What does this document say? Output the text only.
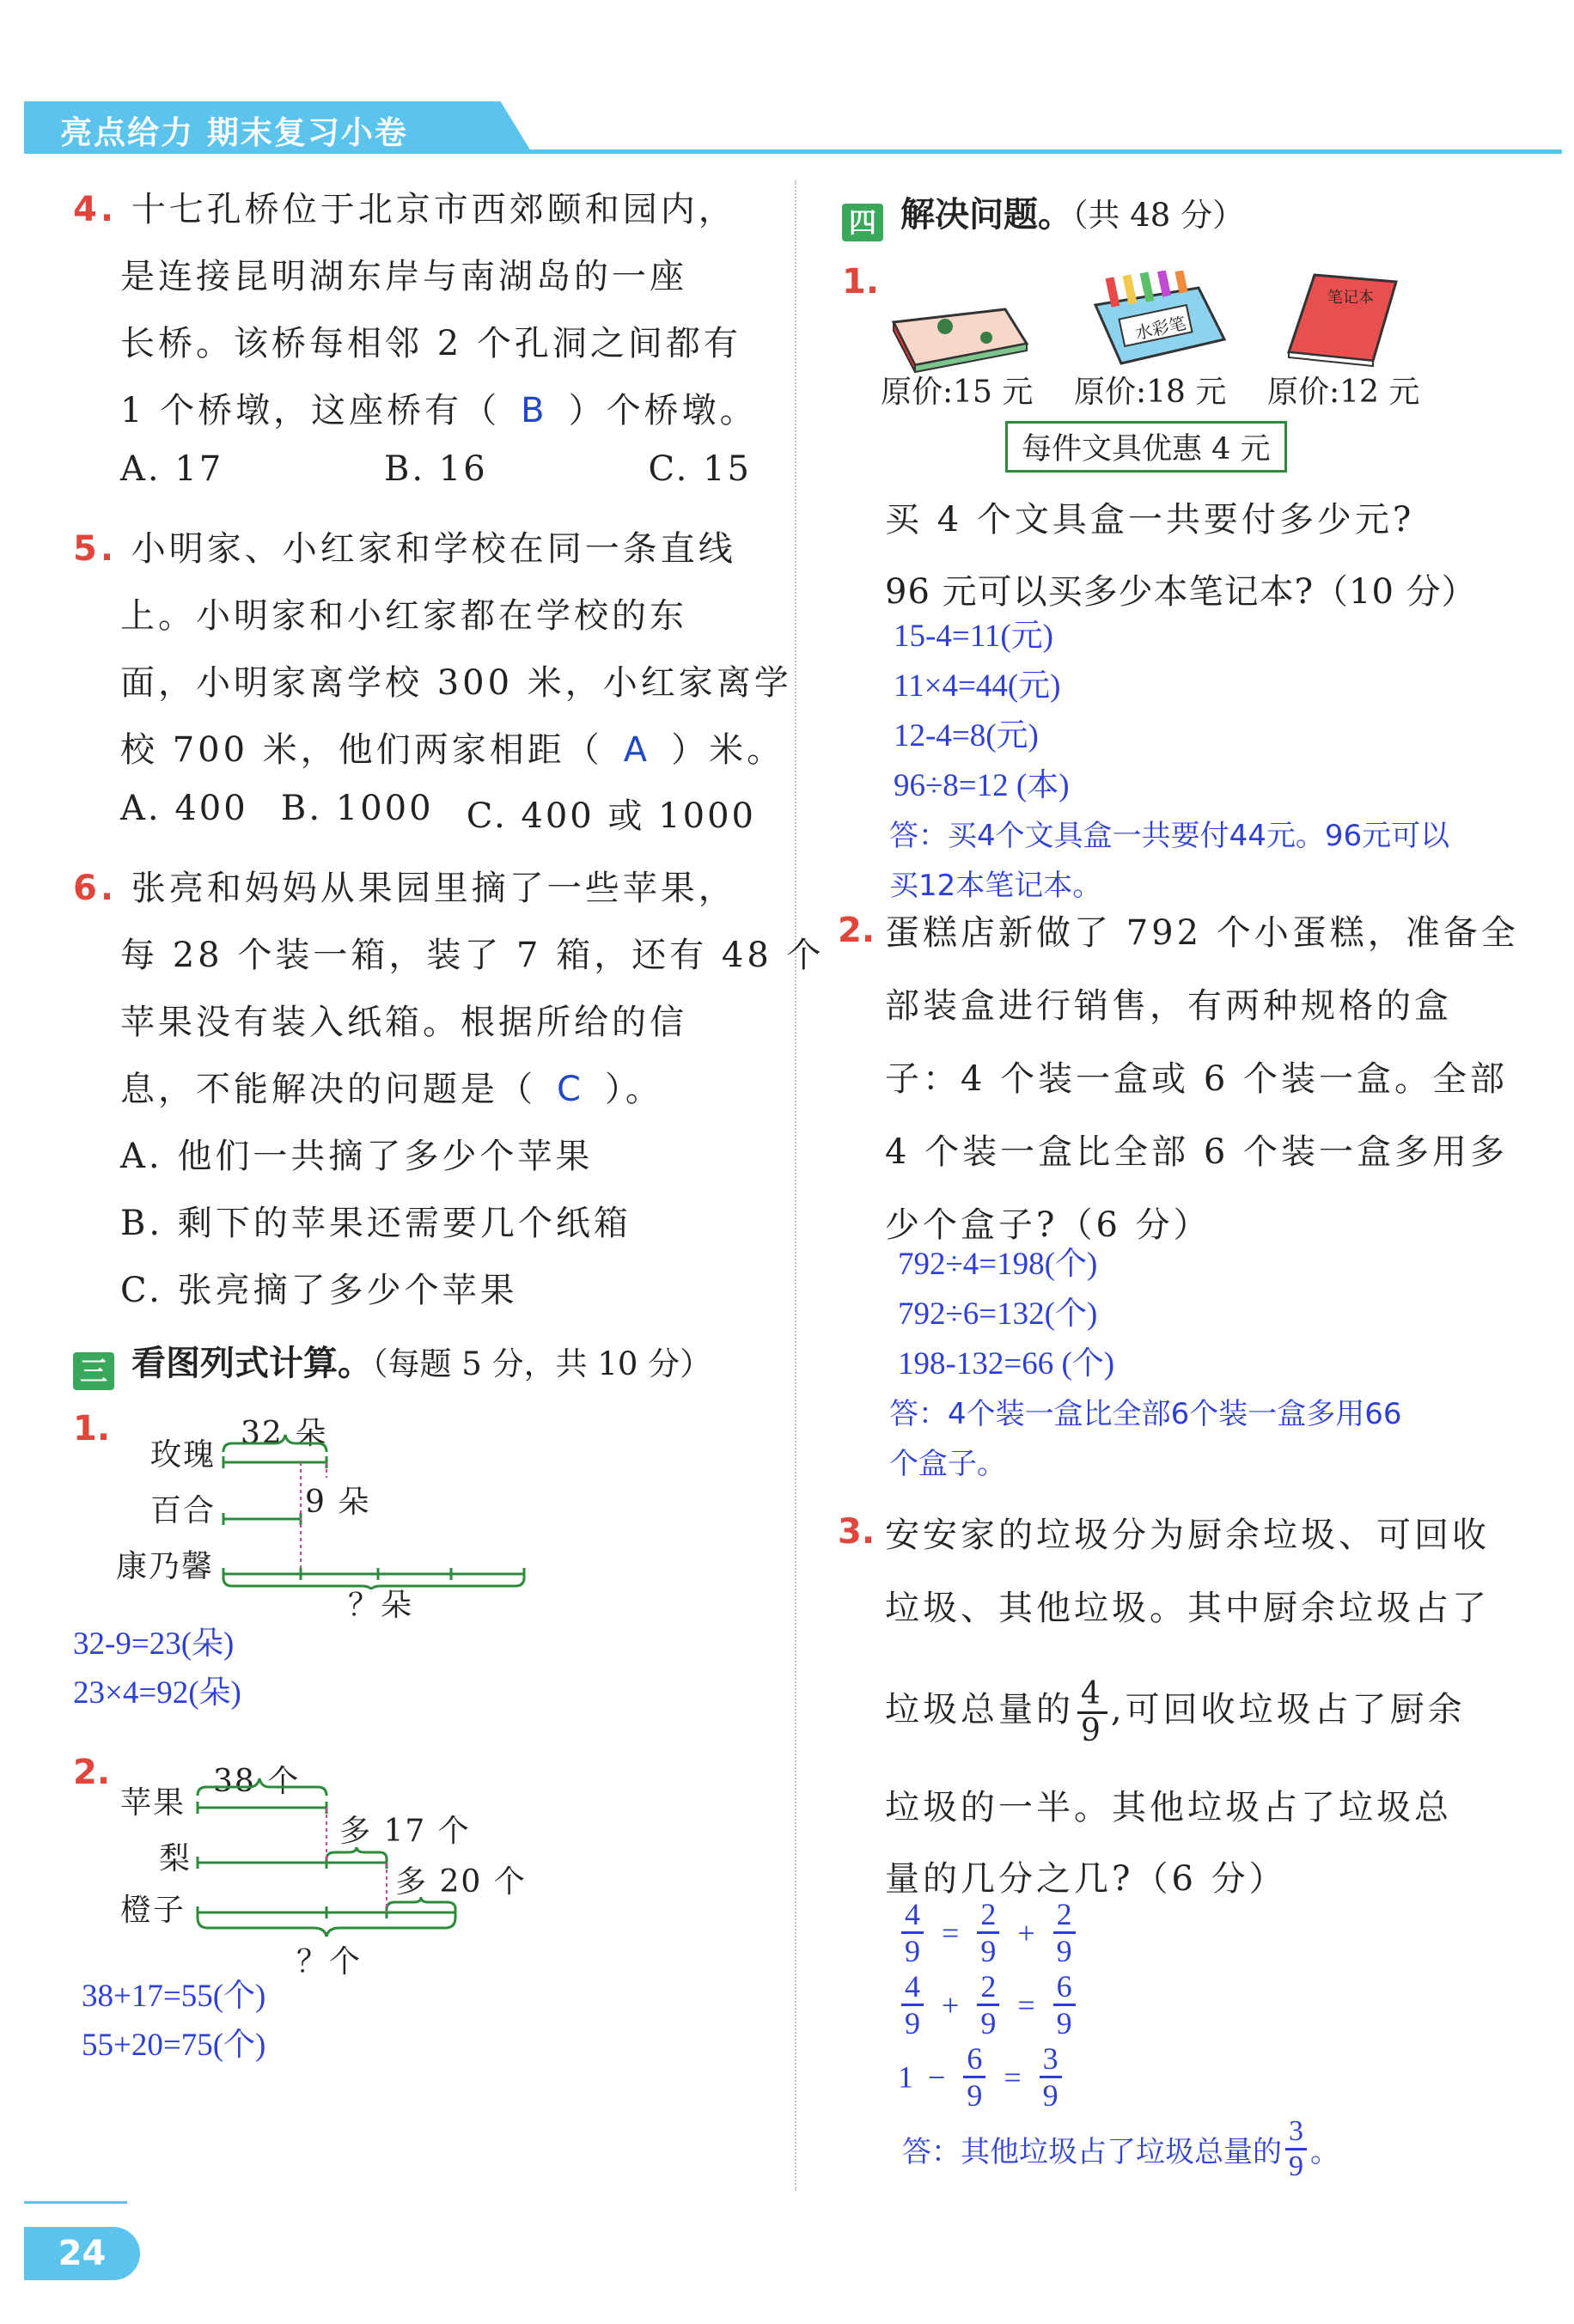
亮点给力 期末复习小卷
4. 十七孔桥位于北京市西郊颐和园内，
是连接昆明湖东岸与南湖岛的一座
长桥。该桥每相邻 2 个孔洞之间都有
1 个桥墩，这座桥有（ B ）个桥墩。
A. 17	B. 16	C. 15
5. 小明家、小红家和学校在同一条直线
上。小明家和小红家都在学校的东
面，小明家离学校 300 米，小红家离学
校 700 米，他们两家相距（ A ）米。
A. 400 B. 1000 C. 400 或 1000
6. 张亮和妈妈从果园里摘了一些苹果，
每 28 个装一箱，装了 7 箱，还有 48 个
苹果没有装入纸箱。根据所给的信
息，不能解决的问题是（ C ）。
A. 他们一共摘了多少个苹果
B. 剩下的苹果还需要几个纸箱
C. 张亮摘了多少个苹果
三 看图列式计算。（每题 5 分，共 10 分）
1.
玫瑰
百合
康乃馨
32 朵
9 朵
？朵
32-9=23(朵)
23×4=92(朵)
2.
苹果
梨
橙子
38 个
多 17 个
多 20 个
？个
38+17=55(个)
55+20=75(个)
四 解决问题。（共 48 分）
1.
水彩笔
笔记本
原价:15 元 原价:18 元 原价:12 元
每件文具优惠 4 元
买 4 个文具盒一共要付多少元?
96 元可以买多少本笔记本?（10 分）
15-4=11(元)
11×4=44(元)
12-4=8(元)
96÷8=12 (本)
答：买4个文具盒一共要付44元。96元可以
买12本笔记本。
2. 蛋糕店新做了 792 个小蛋糕，准备全
部装盒进行销售，有两种规格的盒
子：4 个装一盒或 6 个装一盒。全部
4 个装一盒比全部 6 个装一盒多用多
少个盒子?（6 分）
792÷4=198(个)
792÷6=132(个)
198-132=66 (个)
答：4个装一盒比全部6个装一盒多用66
个盒子。
3. 安安家的垃圾分为厨余垃圾、可回收
垃圾、其他垃圾。其中厨余垃圾占了
垃圾总量的 $\frac{4}{9}$ ,可回收垃圾占了厨余
垃圾的一半。其他垃圾占了垃圾总
量的几分之几?（6 分）
$\frac{4}{9} = \frac{2}{9} + \frac{2}{9}$
$\frac{4}{9} + \frac{2}{9} = \frac{6}{9}$
$1 - \frac{6}{9} = \frac{3}{9}$
答：其他垃圾占了垃圾总量的 $\frac{3}{9}$ 。
24
